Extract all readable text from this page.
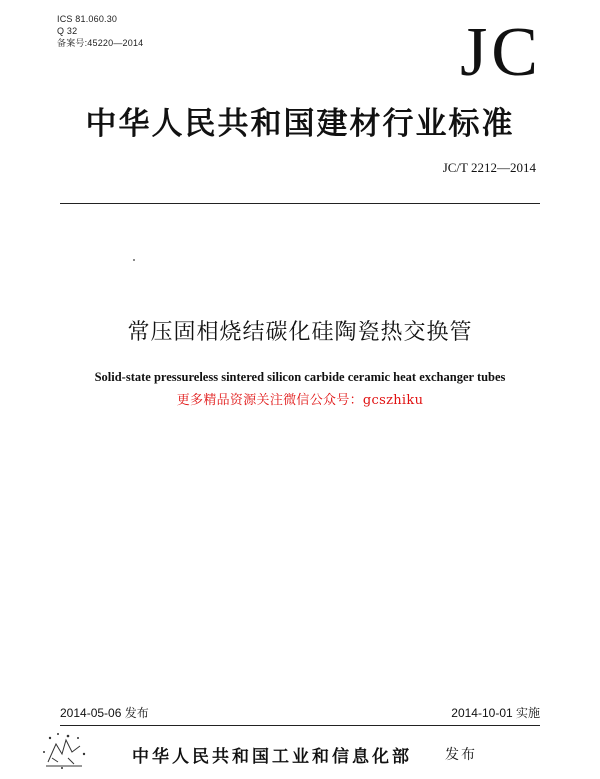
ICS 81.060.30
Q 32
备案号:45220—2014	JC
中华人民共和国建材行业标准
JC/T 2212—2014
常压固相烧结碳化硅陶瓷热交换管
Solid-state pressureless sintered silicon carbide ceramic heat exchanger tubes
更多精品资源关注微信公众号：gcszhiku
2014-05-06 发布	2014-10-01 实施
中华人民共和国工业和信息化部 发布
